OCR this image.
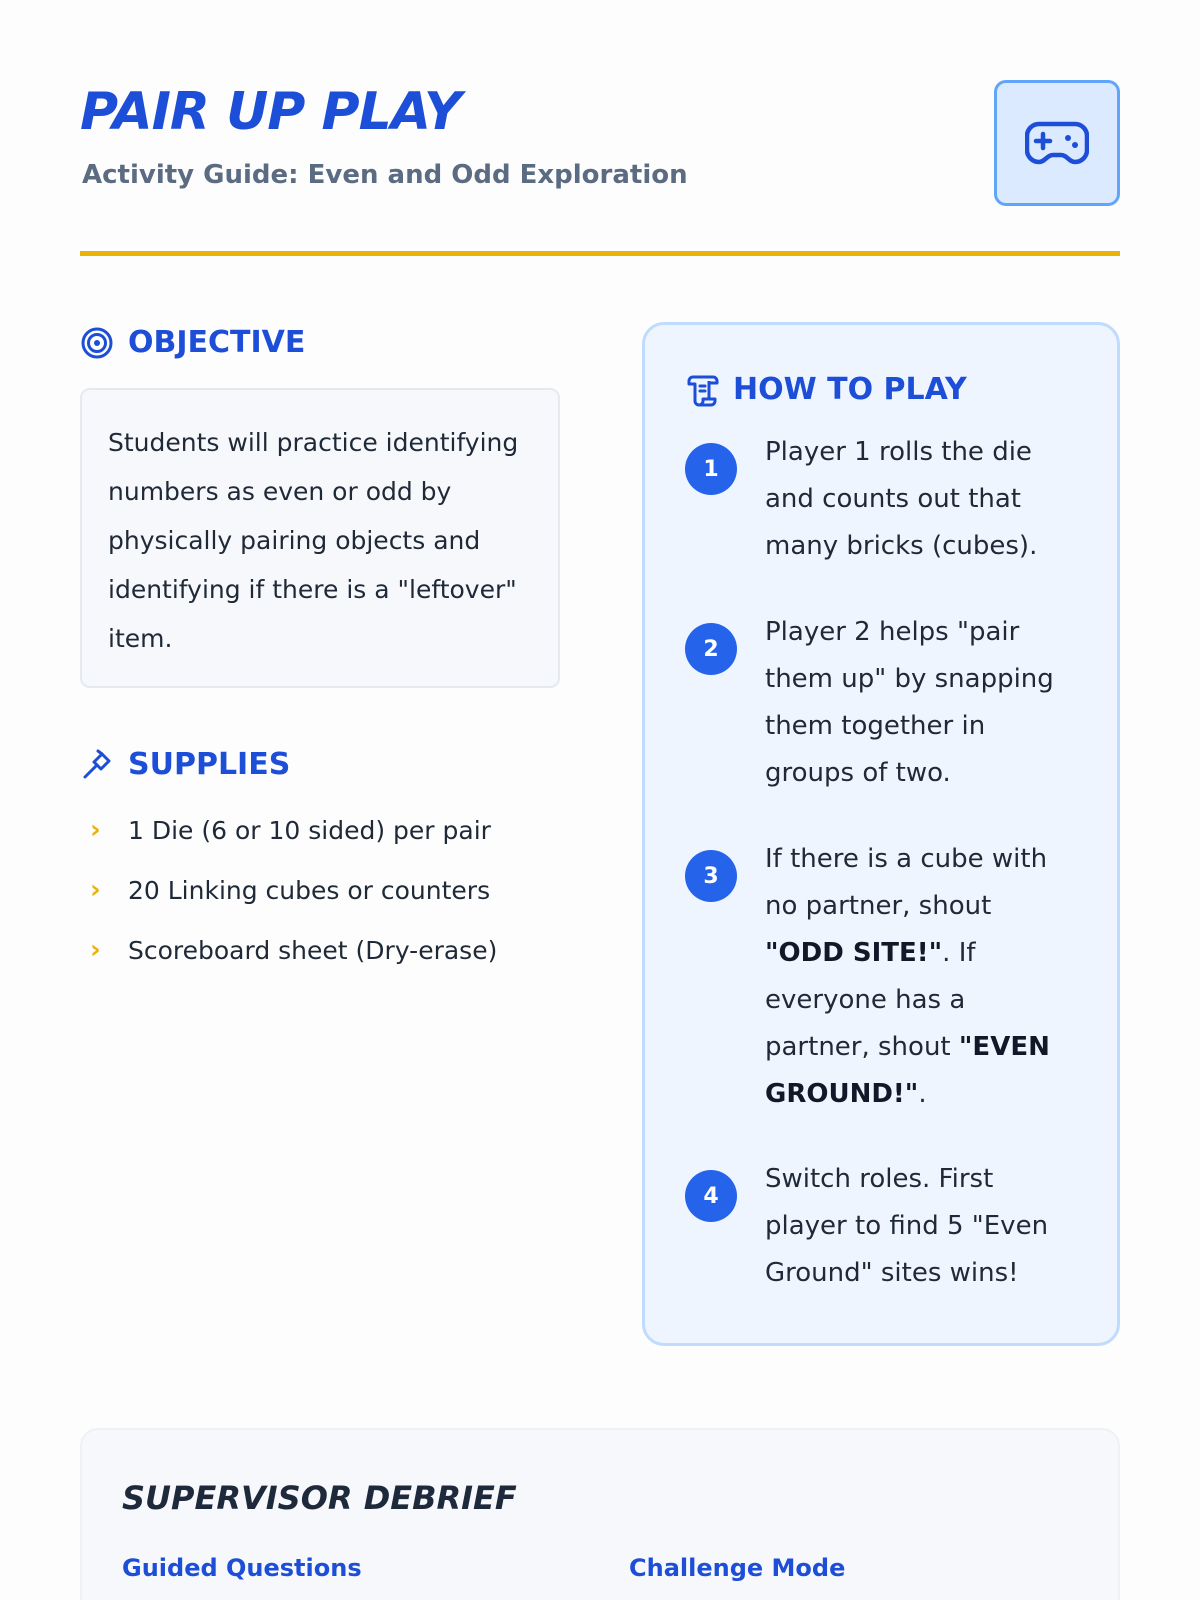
PAIR UP PLAY
Activity Guide: Even and Odd Exploration
OBJECTIVE

Students will practice identifying numbers as even or odd by physically pairing objects and identifying if there is a "leftover" item.

SUPPLIES
›	1 Die (6 or 10 sided) per pair
›	20 Linking cubes or counters
›	Scoreboard sheet (Dry-erase)
HOW TO PLAY
1
Player 1 rolls the die and counts out that many bricks (cubes).
2
Player 2 helps "pair them up" by snapping them together in groups of two.
3
If there is a cube with no partner, shout "ODD SITE!". If everyone has a partner, shout "EVEN GROUND!".
4
Switch roles. First player to find 5 "Even Ground" sites wins!
SUPERVISOR DEBRIEF
Guided Questions	Challenge Mode
